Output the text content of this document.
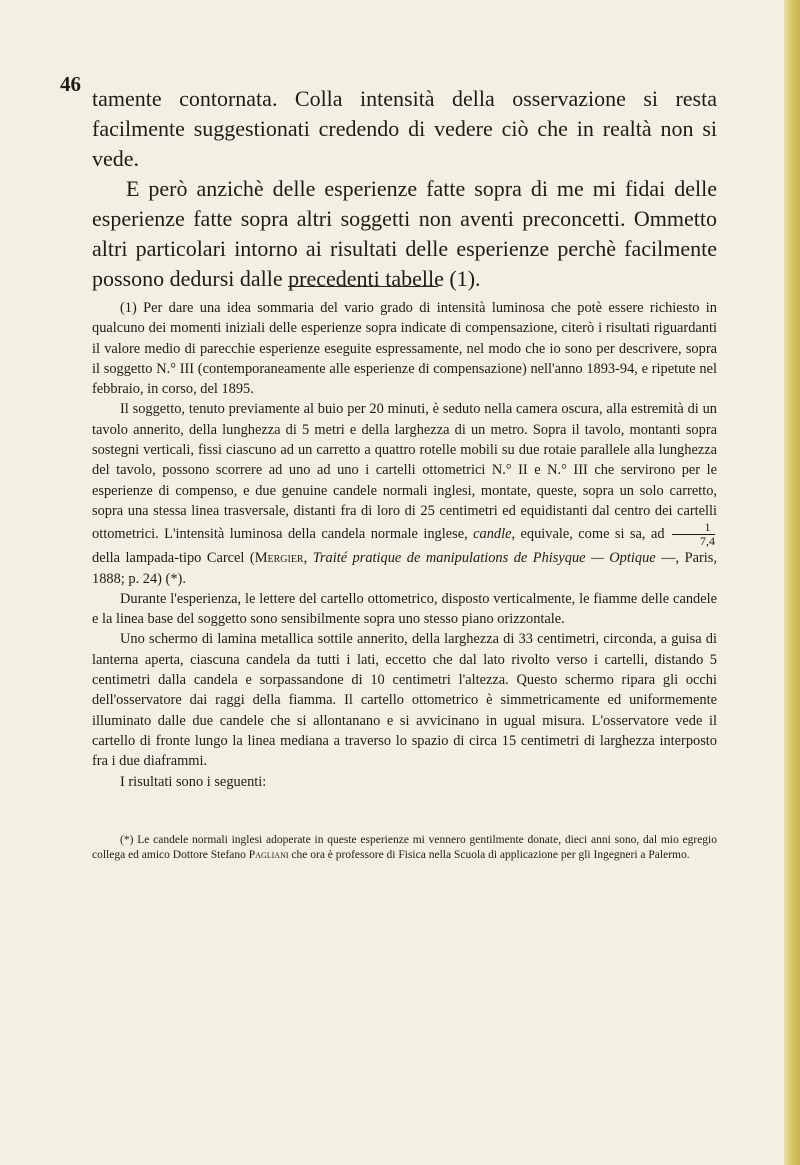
46

tamente contornata. Colla intensità della osservazione si resta facilmente suggestionati credendo di vedere ciò che in realtà non si vede.

E però anzichè delle esperienze fatte sopra di me mi fidai delle esperienze fatte sopra altri soggetti non aventi preconcetti. Ommetto altri particolari intorno ai risultati delle esperienze perchè facilmente possono dedursi dalle precedenti tabelle (1).

(1) Per dare una idea sommaria del vario grado di intensità luminosa che potè essere richiesto in qualcuno dei momenti iniziali delle esperienze sopra indicate di compensazione, citerò i risultati riguardanti il valore medio di parecchie esperienze eseguite espressamente, nel modo che io sono per descrivere, sopra il soggetto N.° III (contemporaneamente alle esperienze di compensazione) nell'anno 1893-94, e ripetute nel febbraio, in corso, del 1895.

Il soggetto, tenuto previamente al buio per 20 minuti, è seduto nella camera oscura, alla estremità di un tavolo annerito, della lunghezza di 5 metri e della larghezza di un metro. Sopra il tavolo, montanti sopra sostegni verticali, fissi ciascuno ad un carretto a quattro rotelle mobili su due rotaie parallele alla lunghezza del tavolo, possono scorrere ad uno ad uno i cartelli ottometrici N.° II e N.° III che servirono per le esperienze di compenso, e due genuine candele normali inglesi, montate, queste, sopra un solo carretto, sopra una stessa linea trasversale, distanti fra di loro di 25 centimetri ed equidistanti dal centro dei cartelli ottometrici. L'intensità luminosa della candela normale inglese, candle, equivale, come si sa, ad $\frac{1}{7,4}$
della lampada-tipo Carcel (Mergier, Traité pratique de manipulations de Phisyque — Optique —, Paris, 1888; p. 24) (*).

Durante l'esperienza, le lettere del cartello ottometrico, disposto verticalmente, le fiamme delle candele e la linea base del soggetto sono sensibilmente sopra uno stesso piano orizzontale.

Uno schermo di lamina metallica sottile annerito, della larghezza di 33 centimetri, circonda, a guisa di lanterna aperta, ciascuna candela da tutti i lati, eccetto che dal lato rivolto verso i cartelli, distando 5 centimetri dalla candela e sorpassandone di 10 centimetri l'altezza. Questo schermo ripara gli occhi dell'osservatore dai raggi della fiamma. Il cartello ottometrico è simmetricamente ed uniformemente illuminato dalle due candele che si allontanano e si avvicinano in ugual misura. L'osservatore vede il cartello di fronte lungo la linea mediana a traverso lo spazio di circa 15 centimetri di larghezza interposto fra i due diaframmi.

I risultati sono i seguenti:

(*) Le candele normali inglesi adoperate in queste esperienze mi vennero gentilmente donate, dieci anni sono, dal mio egregio collega ed amico Dottore Stefano Pagliani che ora è professore di Fisica nella Scuola di applicazione per gli Ingegneri a Palermo.
